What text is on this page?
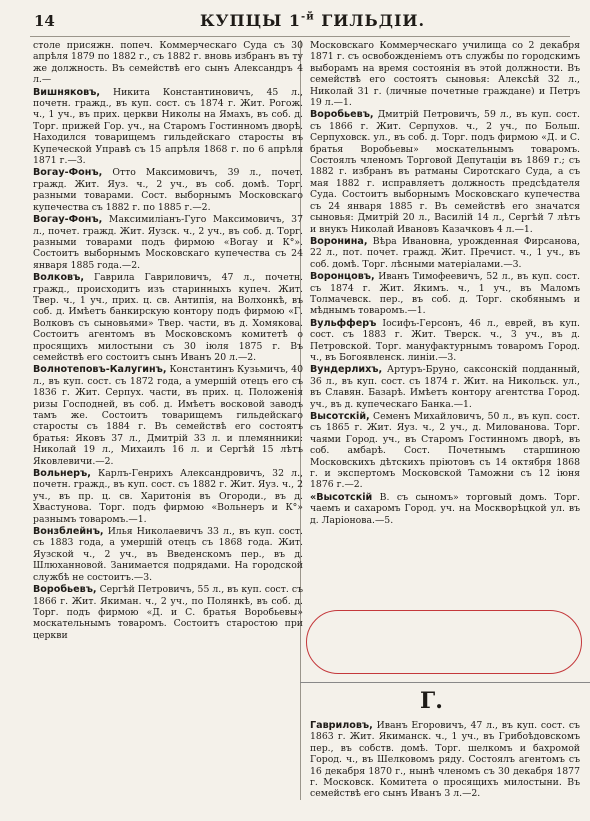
14	КУПЦЫ $1^{-й}$ ГИЛЬДІИ.

столе присяжн. попеч. Коммерческаго Суда съ 30 апрѣля 1879 по 1882 г., съ 1882 г. вновь избранъ въ ту же должность. Въ семействѣ его сынъ Александръ 4 л.—

Вишняковъ, Никита Константиновичъ, 45 л., почетн. гражд., въ куп. сост. съ 1874 г. Жит. Рогож. ч., 1 уч., въ прих. церкви Николы на Ямахъ, въ соб. д. Торг. прижей Гор. уч., на Старомъ Гостинномъ дворѣ. Находился товарищемъ гильдейскаго старосты въ Купеческой Управѣ съ 15 апрѣля 1868 г. по 6 апрѣля 1871 г.—3.

Вогау-Фонъ, Отто Максимовичъ, 39 л., почет. гражд. Жит. Яуз. ч., 2 уч., въ соб. домѣ. Торг. разными товарами. Сост. выборнымъ Московскаго купечества съ 1882 г. по 1885 г.—2.

Вогау-Фонъ, Максимиліанъ-Гуго Максимовичъ, 37 л., почет. гражд. Жит. Яузск. ч., 2 уч., въ соб. д. Торг. разными товарами подъ фирмою «Вогау и К°». Состоитъ выборнымъ Московскаго купечества съ 24 января 1885 года.—2.

Волковъ, Гаврила Гавриловичъ, 47 л., почетн. гражд., происходитъ изъ старинныхъ купеч. Жит. Твер. ч., 1 уч., прих. ц. св. Антипія, на Волхонкѣ, въ соб. д. Имѣетъ банкирскую контору подъ фирмою «Г. Волковъ съ сыновьями» Твер. части, въ д. Хомякова. Состоитъ агентомъ въ Московскомъ комитетѣ о просящихъ милостыни съ 30 іюля 1875 г. Въ семействѣ его состоитъ сынъ Иванъ 20 л.—2.

Волнотеповъ-Калугинъ, Константинъ Кузьмичъ, 40 л., въ куп. сост. съ 1872 года, а умершій отецъ его съ 1836 г. Жит. Серпух. части, въ прих. ц. Положенія ризы Господней, въ соб. д. Имѣетъ восковой заводъ тамъ же. Состоитъ товарищемъ гильдейскаго старосты съ 1884 г. Въ семействѣ его состоятъ братья: Яковъ 37 л., Дмитрій 33 л. и племянники: Николай 19 л., Михаилъ 16 л. и Сергѣй 15 лѣтъ Яковлевичи.—2.

Вольнеръ, Карлъ-Генрихъ Александровичъ, 32 л., почетн. гражд., въ куп. сост. съ 1882 г. Жит. Яуз. ч., 2 уч., въ пр. ц. св. Харитонія въ Огороди., въ д. Хвастунова. Торг. подъ фирмою «Вольнеръ и К°» разнымъ товаромъ.—1.

Вонзблейнъ, Илья Николаевичъ 33 л., въ куп. сост. съ 1883 года, а умершій отецъ съ 1868 года. Жит. Яузской ч., 2 уч., въ Введенскомъ пер., въ д. Шлюханновой. Занимается подрядами. На городской службѣ не состоитъ.—3.

Воробьевъ, Сергѣй Петровичъ, 55 л., въ куп. сост. съ 1866 г. Жит. Якиман. ч., 2 уч., по Полянкѣ, въ соб. д. Торг. подъ фирмою «Д. и С. братья Воробьевы» москательнымъ товаромъ. Состоитъ старостою при церкви

Московскаго Коммерческаго училища со 2 декабря 1871 г. съ освобожденіемъ отъ службы по городскимъ выборамъ на время состоянія въ этой должности. Въ семействѣ его состоятъ сыновья: Алексѣй 32 л., Николай 31 г. (личные почетные граждане) и Петръ 19 л.—1.

Воробьевъ, Дмитрій Петровичъ, 59 л., въ куп. сост. съ 1866 г. Жит. Серпухов. ч., 2 уч., по Больш. Серпуховск. ул., въ соб. д. Торг. подъ фирмою «Д. и С. братья Воробьевы» москательнымъ товаромъ. Состоялъ членомъ Торговой Депутаціи въ 1869 г.; съ 1882 г. избранъ въ ратманы Сиротскаго Суда, а съ мая 1882 г. исправляетъ должность предсѣдателя Суда. Состоитъ выборнымъ Московскаго купечества съ 24 января 1885 г. Въ семействѣ его значатся сыновья: Дмитрій 20 л., Василій 14 л., Сергѣй 7 лѣтъ и внукъ Николай Ивановъ Казачковъ 4 л.—1.

Воронина, Вѣра Ивановна, урожденная Фирсанова, 22 л., пот. почет. гражд. Жит. Пречист. ч., 1 уч., въ соб. домѣ. Торг. лѣсными матеріалами.—3.

Воронцовъ, Иванъ Тимофеевичъ, 52 л., въ куп. сост. съ 1874 г. Жит. Якимъ. ч., 1 уч., въ Маломъ Толмачевск. пер., въ соб. д. Торг. скобянымъ и мѣднымъ товаромъ.—1.

Вульфферъ Іосифъ-Герсонъ, 46 л., еврей, въ куп. сост. съ 1883 г. Жит. Тверск. ч., 3 уч., въ д. Петровской. Торг. мануфактурнымъ товаромъ Город. ч., въ Богоявленск. линіи.—3.

Вундерлихъ, Артуръ-Бруно, саксонскій подданный, 36 л., въ куп. сост. съ 1874 г. Жит. на Никольск. ул., въ Славян. Базарѣ. Имѣетъ контору агентства Город. уч., въ д. купеческаго Банка.—1.

Высотскій, Семенъ Михайловичъ, 50 л., въ куп. сост. съ 1865 г. Жит. Яуз. ч., 2 уч., д. Милованова. Торг. чаями Город. уч., въ Старомъ Гостинномъ дворѣ, въ соб. амбарѣ. Сост. Почетнымъ старшиною Московскихъ дѣтскихъ пріютовъ съ 14 октября 1868 г. и экспертомъ Московской Таможни съ 12 іюня 1876 г.—2.

«Высотскій В. съ сыномъ» торговый домъ. Торг. чаемъ и сахаромъ Город. уч. на Москворѣцкой ул. въ д. Ларіонова.—5.

Г.

Гавриловъ, Иванъ Егоровичъ, 47 л., въ куп. сост. съ 1863 г. Жит. Якиманск. ч., 1 уч., въ Грибоѣдовскомъ пер., въ собств. домѣ. Торг. шелкомъ и бахромой Город. ч., въ Шелковомъ ряду. Состоялъ агентомъ съ 16 декабря 1870 г., нынѣ членомъ съ 30 декабря 1877 г. Московск. Комитета о просящихъ милостыни. Въ семействѣ его сынъ Иванъ 3 л.—2.
